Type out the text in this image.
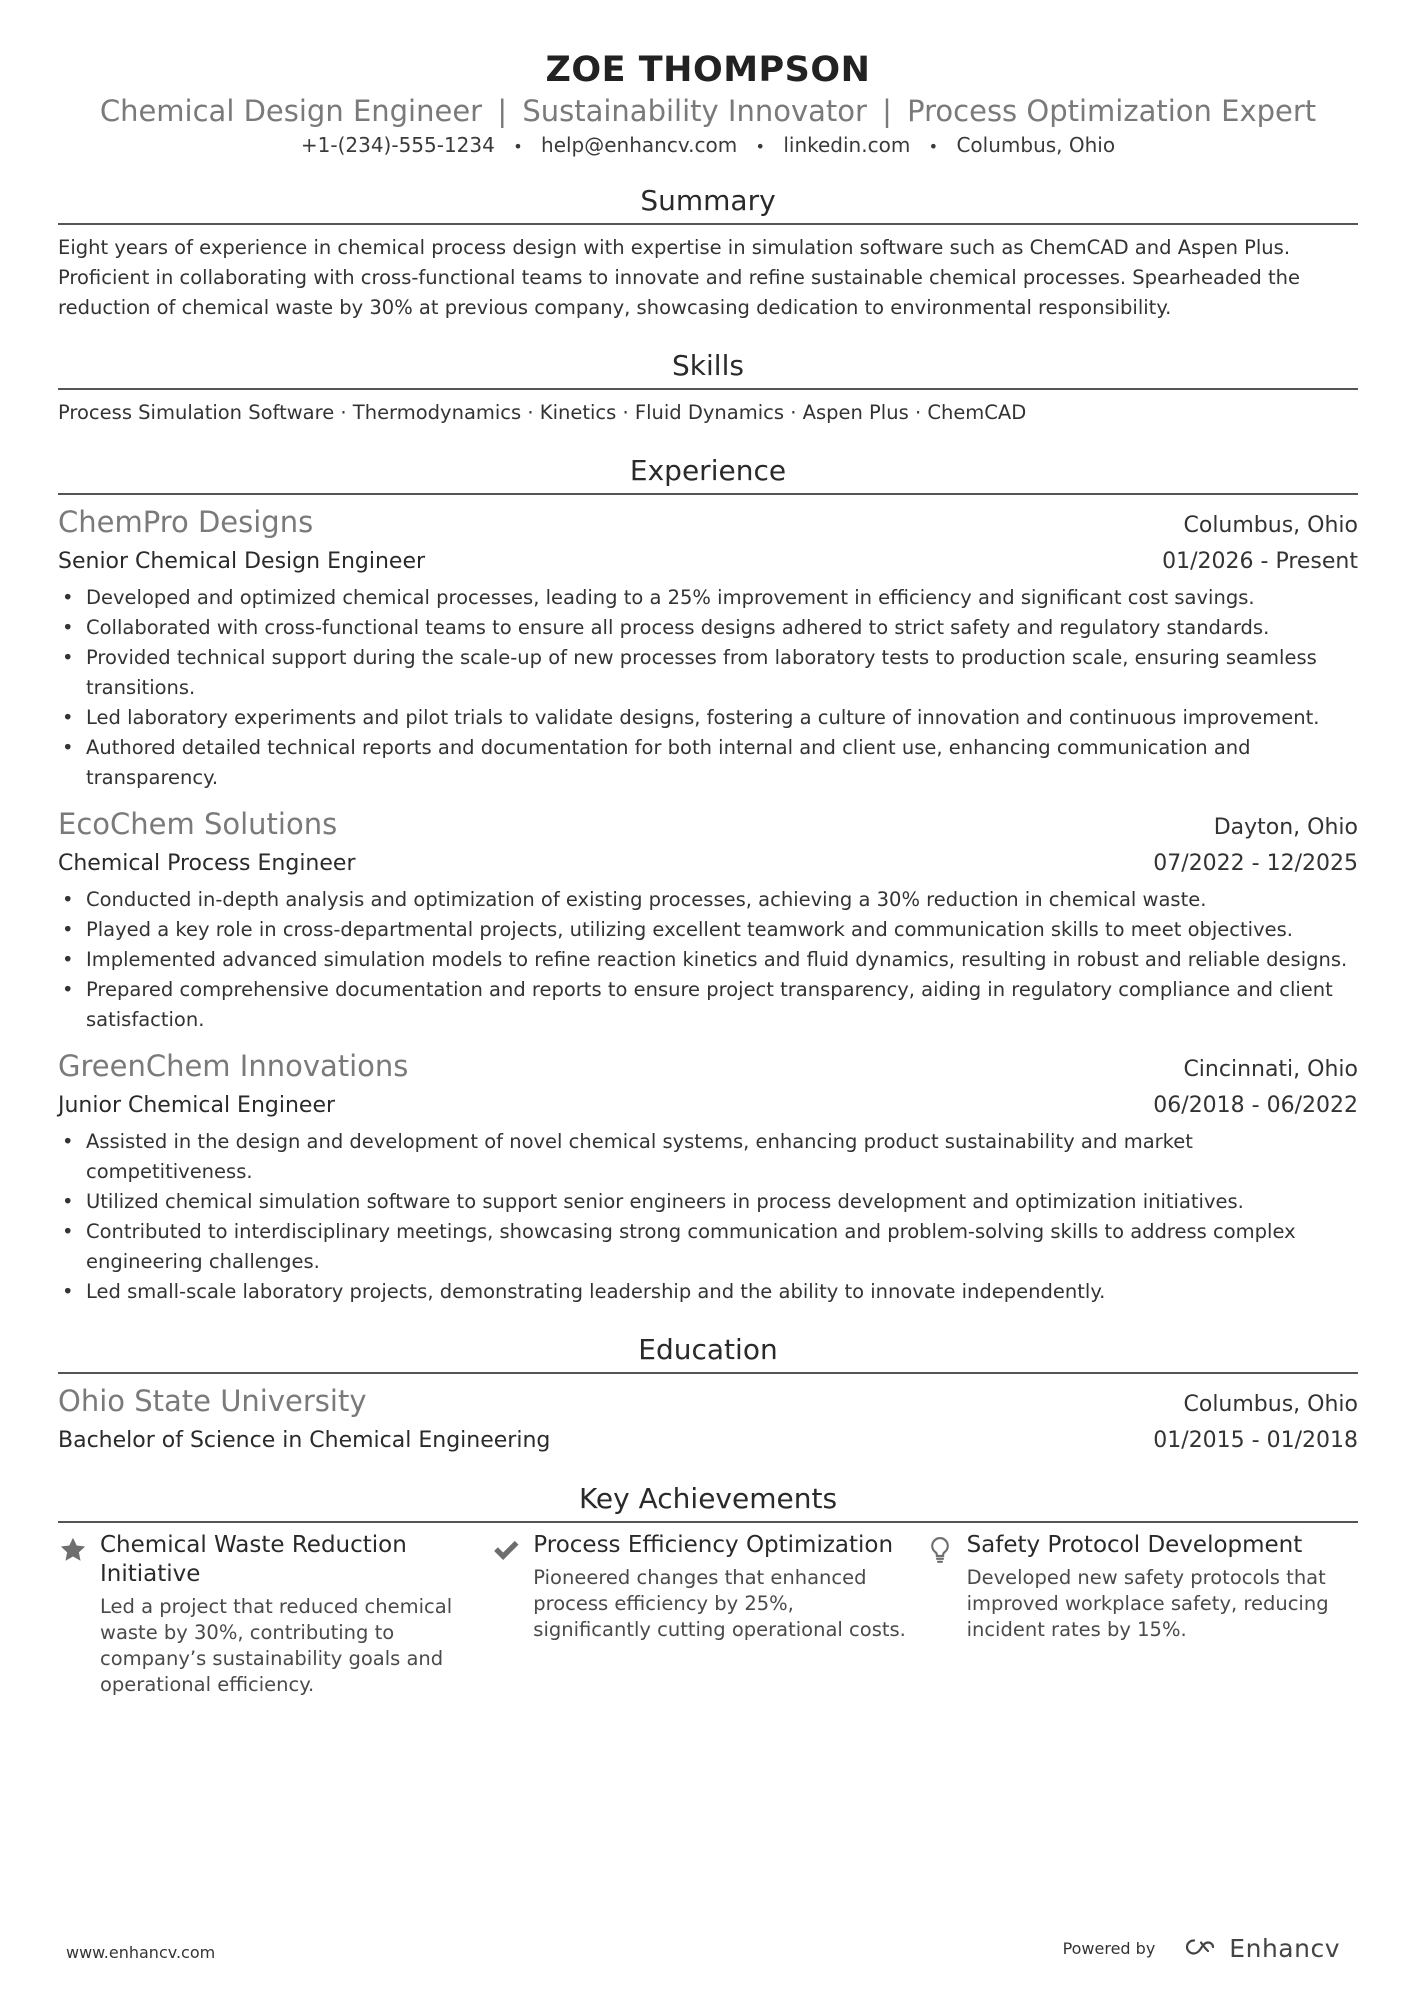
ZOE THOMPSON
Chemical Design Engineer | Sustainability Innovator | Process Optimization Expert
+1-(234)-555-1234 • help@enhancv.com • linkedin.com • Columbus, Ohio
Summary
Eight years of experience in chemical process design with expertise in simulation software such as ChemCAD and Aspen Plus. Proficient in collaborating with cross-functional teams to innovate and refine sustainable chemical processes. Spearheaded the reduction of chemical waste by 30% at previous company, showcasing dedication to environmental responsibility.
Skills
Process Simulation Software · Thermodynamics · Kinetics · Fluid Dynamics · Aspen Plus · ChemCAD
Experience
ChemPro Designs	Columbus, Ohio
Senior Chemical Design Engineer	01/2026 - Present
• Developed and optimized chemical processes, leading to a 25% improvement in efficiency and significant cost savings.
• Collaborated with cross-functional teams to ensure all process designs adhered to strict safety and regulatory standards.
• Provided technical support during the scale-up of new processes from laboratory tests to production scale, ensuring seamless transitions.
• Led laboratory experiments and pilot trials to validate designs, fostering a culture of innovation and continuous improvement.
• Authored detailed technical reports and documentation for both internal and client use, enhancing communication and transparency.
EcoChem Solutions	Dayton, Ohio
Chemical Process Engineer	07/2022 - 12/2025
• Conducted in-depth analysis and optimization of existing processes, achieving a 30% reduction in chemical waste.
• Played a key role in cross-departmental projects, utilizing excellent teamwork and communication skills to meet objectives.
• Implemented advanced simulation models to refine reaction kinetics and fluid dynamics, resulting in robust and reliable designs.
• Prepared comprehensive documentation and reports to ensure project transparency, aiding in regulatory compliance and client satisfaction.
GreenChem Innovations	Cincinnati, Ohio
Junior Chemical Engineer	06/2018 - 06/2022
• Assisted in the design and development of novel chemical systems, enhancing product sustainability and market competitiveness.
• Utilized chemical simulation software to support senior engineers in process development and optimization initiatives.
• Contributed to interdisciplinary meetings, showcasing strong communication and problem-solving skills to address complex engineering challenges.
• Led small-scale laboratory projects, demonstrating leadership and the ability to innovate independently.
Education
Ohio State University	Columbus, Ohio
Bachelor of Science in Chemical Engineering	01/2015 - 01/2018
Key Achievements
Chemical Waste Reduction Initiative
Led a project that reduced chemical waste by 30%, contributing to company’s sustainability goals and operational efficiency.
Process Efficiency Optimization
Pioneered changes that enhanced process efficiency by 25%, significantly cutting operational costs.
Safety Protocol Development
Developed new safety protocols that improved workplace safety, reducing incident rates by 15%.
www.enhancv.com	Powered by	Enhancv
